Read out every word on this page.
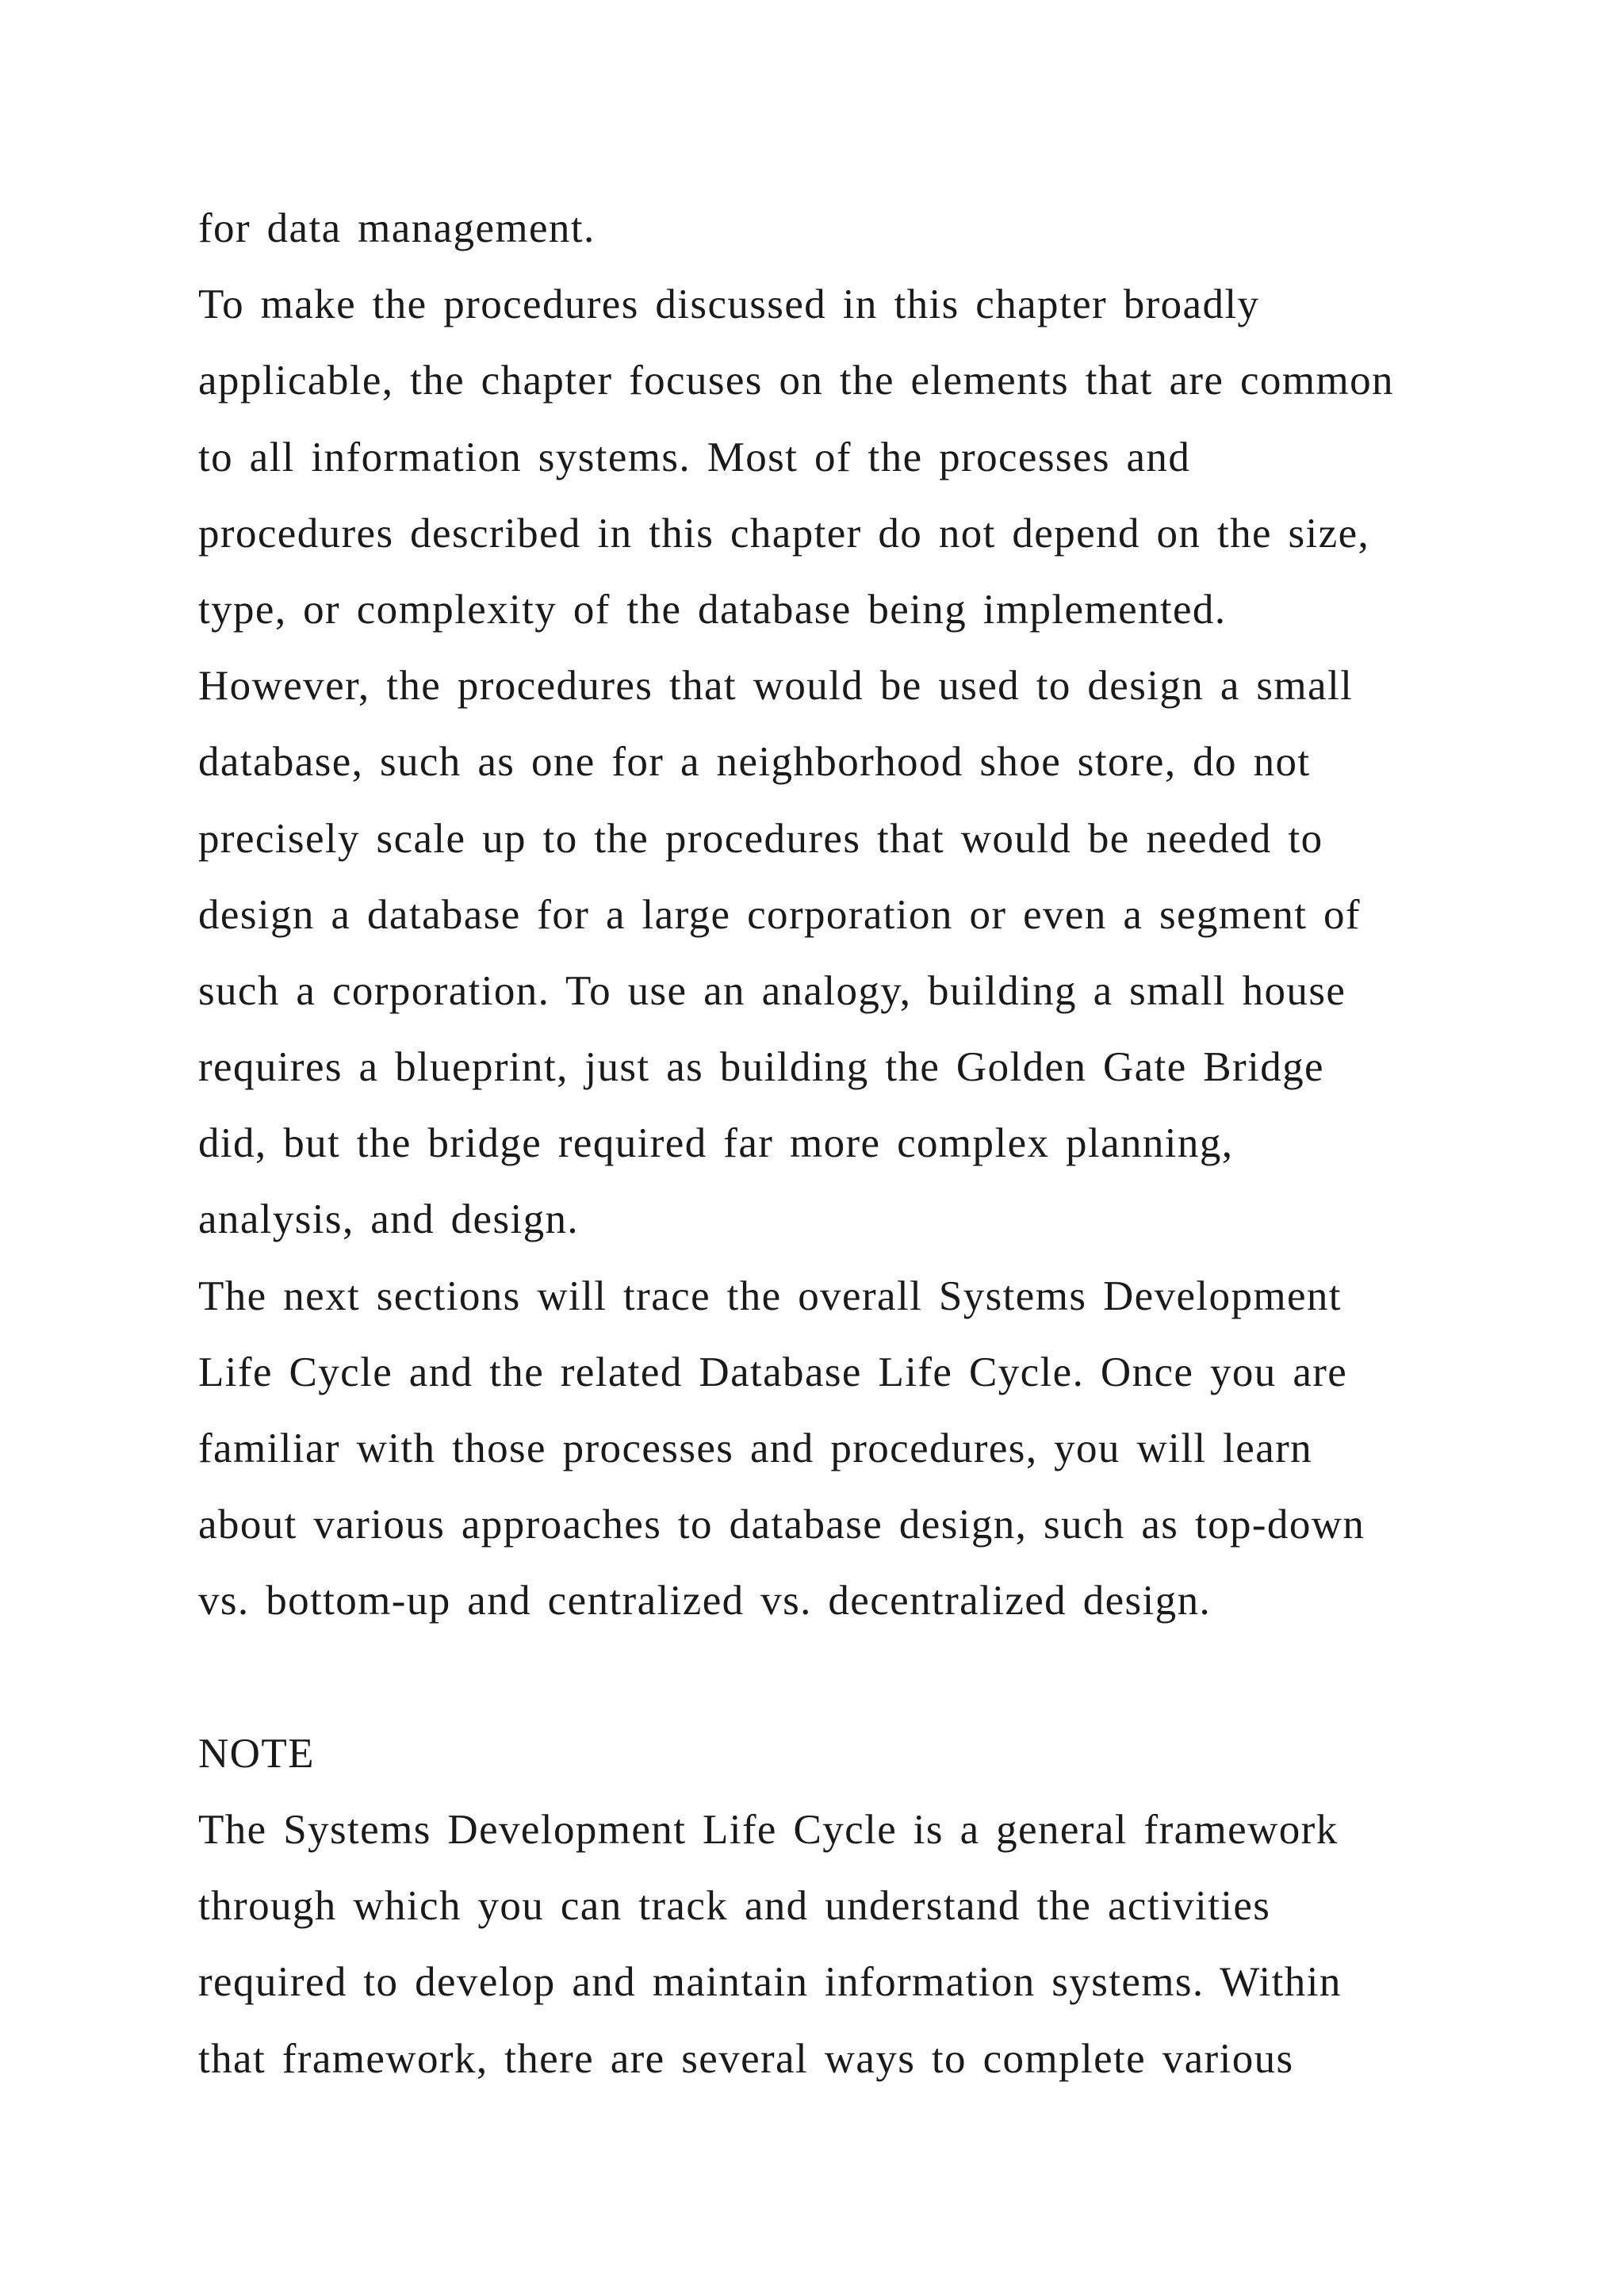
for data management.
To make the procedures discussed in this chapter broadly
applicable, the chapter focuses on the elements that are common
to all information systems. Most of the processes and
procedures described in this chapter do not depend on the size,
type, or complexity of the database being implemented.
However, the procedures that would be used to design a small
database, such as one for a neighborhood shoe store, do not
precisely scale up to the procedures that would be needed to
design a database for a large corporation or even a segment of
such a corporation. To use an analogy, building a small house
requires a blueprint, just as building the Golden Gate Bridge
did, but the bridge required far more complex planning,
analysis, and design.
The next sections will trace the overall Systems Development
Life Cycle and the related Database Life Cycle. Once you are
familiar with those processes and procedures, you will learn
about various approaches to database design, such as top-down
vs. bottom-up and centralized vs. decentralized design.
NOTE
The Systems Development Life Cycle is a general framework
through which you can track and understand the activities
required to develop and maintain information systems. Within
that framework, there are several ways to complete various
